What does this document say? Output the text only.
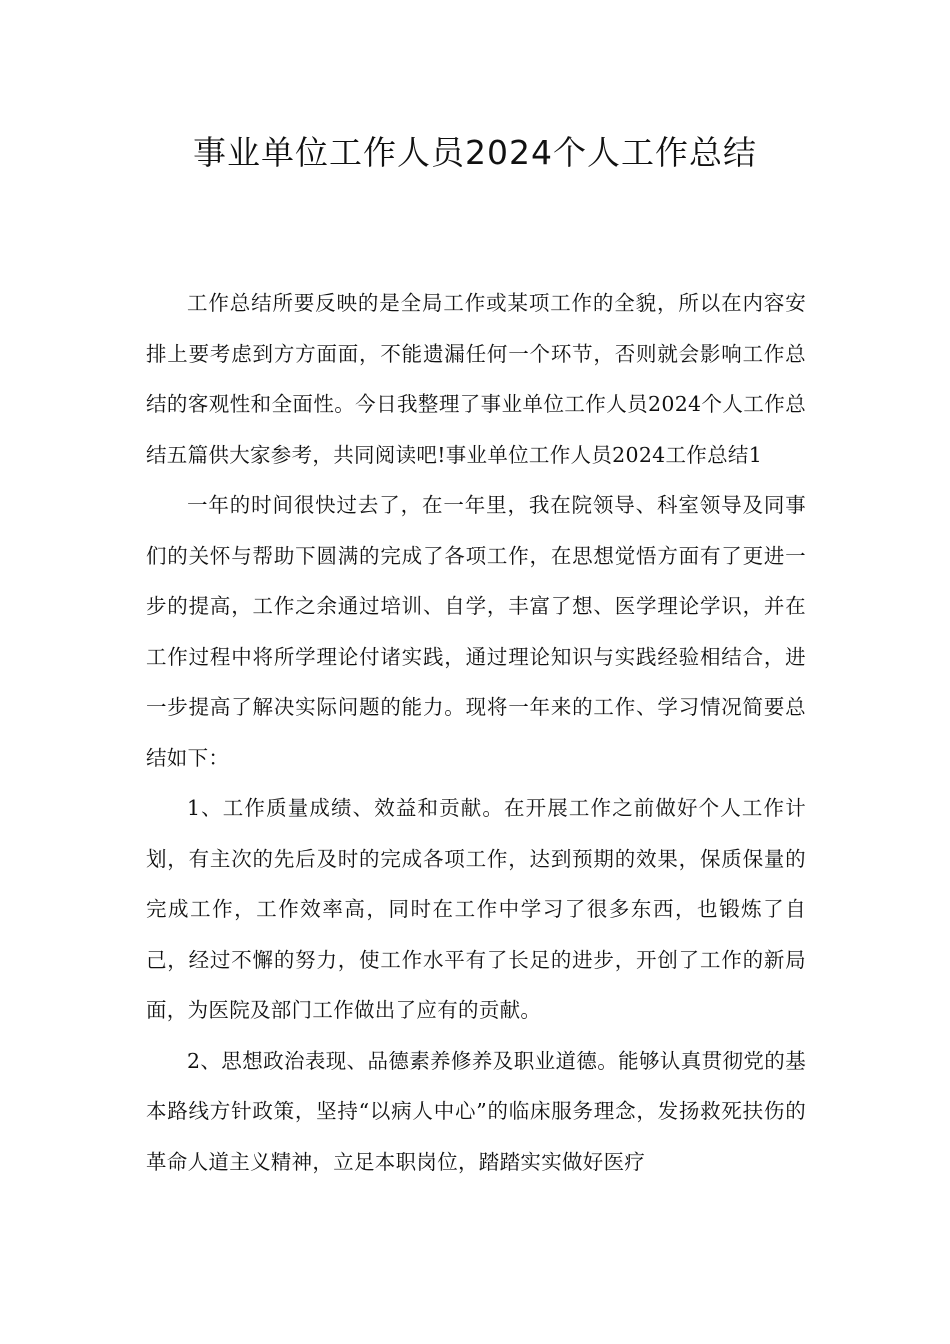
事业单位工作人员2024个人工作总结

工作总结所要反映的是全局工作或某项工作的全貌，所以在内容安排上要考虑到方方面面，不能遗漏任何一个环节，否则就会影响工作总结的客观性和全面性。今日我整理了事业单位工作人员2024个人工作总结五篇供大家参考，共同阅读吧!事业单位工作人员2024工作总结1

一年的时间很快过去了，在一年里，我在院领导、科室领导及同事们的关怀与帮助下圆满的完成了各项工作，在思想觉悟方面有了更进一步的提高，工作之余通过培训、自学，丰富了想、医学理论学识，并在工作过程中将所学理论付诸实践，通过理论知识与实践经验相结合，进一步提高了解决实际问题的能力。现将一年来的工作、学习情况简要总结如下：

1、工作质量成绩、效益和贡献。在开展工作之前做好个人工作计划，有主次的先后及时的完成各项工作，达到预期的效果，保质保量的完成工作，工作效率高，同时在工作中学习了很多东西，也锻炼了自己，经过不懈的努力，使工作水平有了长足的进步，开创了工作的新局面，为医院及部门工作做出了应有的贡献。

2、思想政治表现、品德素养修养及职业道德。能够认真贯彻党的基本路线方针政策，坚持“以病人中心”的临床服务理念，发扬救死扶伤的革命人道主义精神，立足本职岗位，踏踏实实做好医疗
